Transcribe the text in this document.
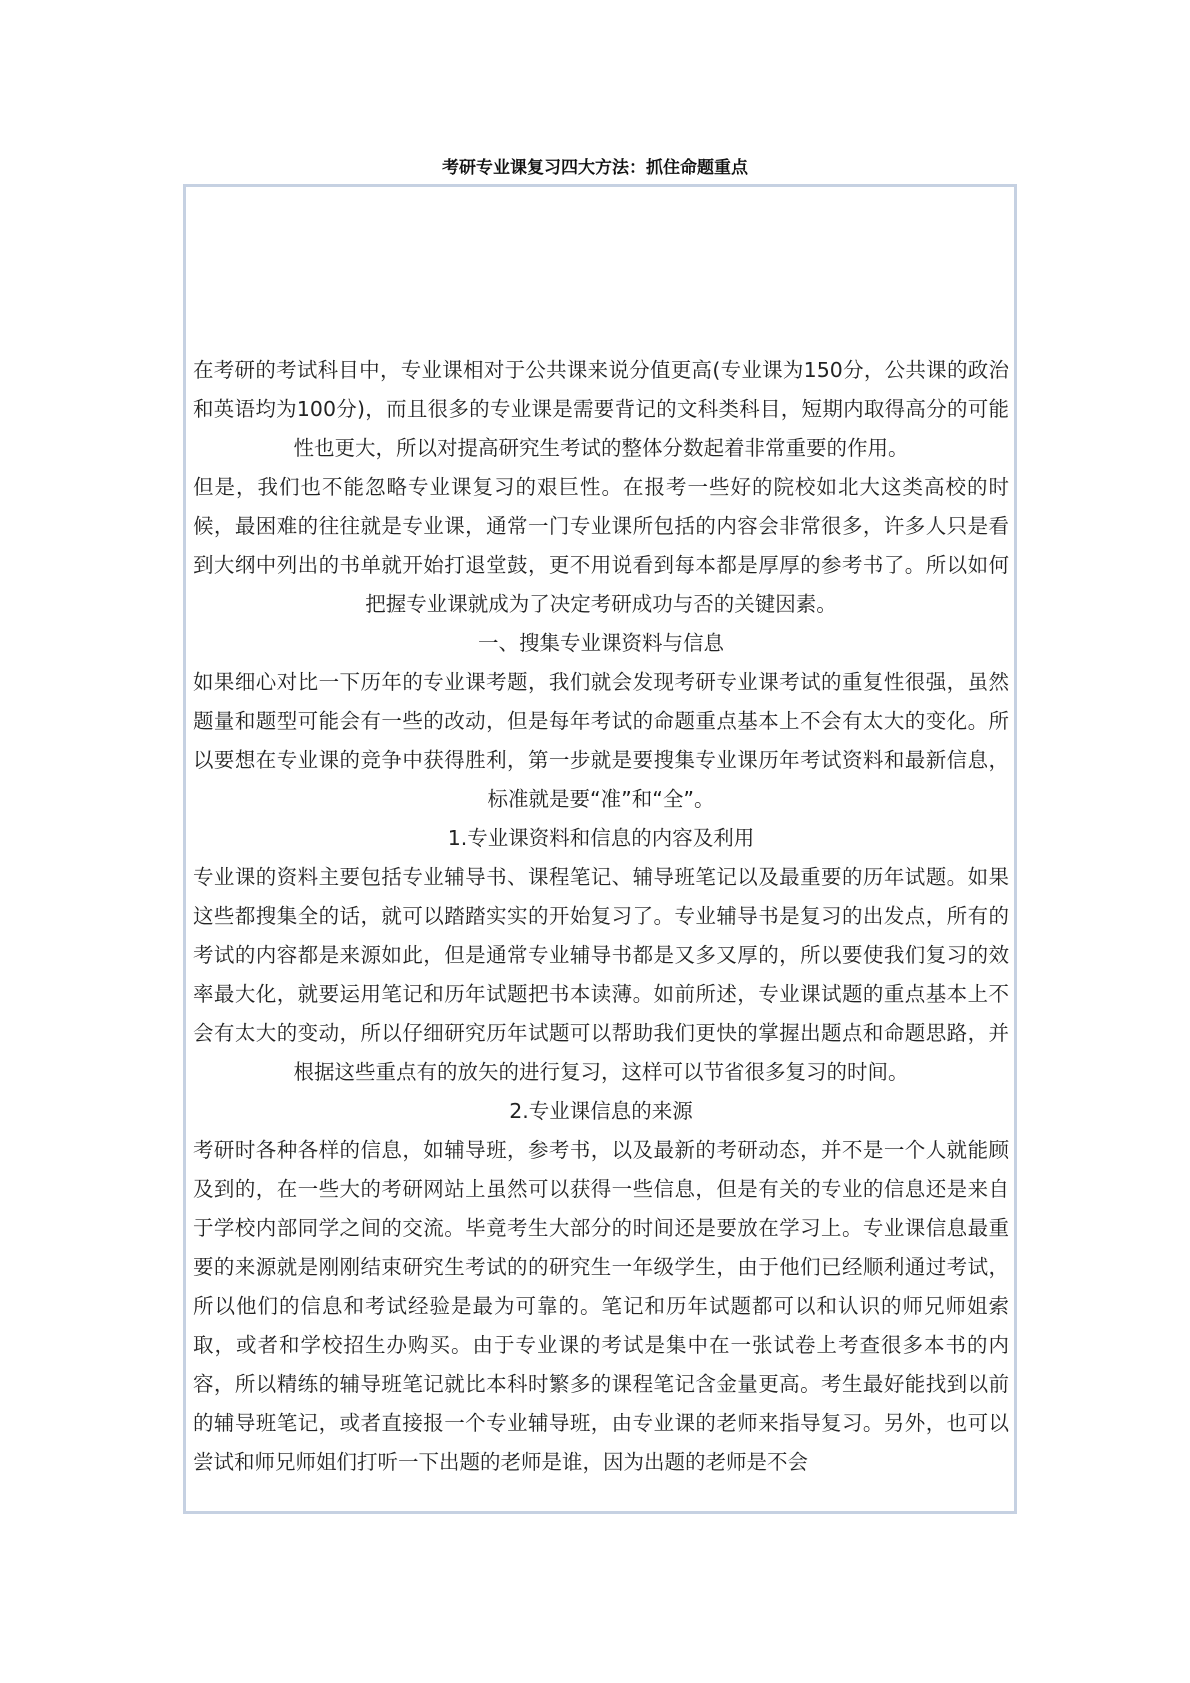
考研专业课复习四大方法：抓住命题重点

在考研的考试科目中，专业课相对于公共课来说分值更高(专业课为150分，公共课的政治和英语均为100分)，而且很多的专业课是需要背记的文科类科目，短期内取得高分的可能性也更大，所以对提高研究生考试的整体分数起着非常重要的作用。

但是，我们也不能忽略专业课复习的艰巨性。在报考一些好的院校如北大这类高校的时候，最困难的往往就是专业课，通常一门专业课所包括的内容会非常很多，许多人只是看到大纲中列出的书单就开始打退堂鼓，更不用说看到每本都是厚厚的参考书了。所以如何把握专业课就成为了决定考研成功与否的关键因素。

一、搜集专业课资料与信息

如果细心对比一下历年的专业课考题，我们就会发现考研专业课考试的重复性很强，虽然题量和题型可能会有一些的改动，但是每年考试的命题重点基本上不会有太大的变化。所以要想在专业课的竞争中获得胜利，第一步就是要搜集专业课历年考试资料和最新信息，标准就是要“准”和“全”。

1.专业课资料和信息的内容及利用

专业课的资料主要包括专业辅导书、课程笔记、辅导班笔记以及最重要的历年试题。如果这些都搜集全的话，就可以踏踏实实的开始复习了。专业辅导书是复习的出发点，所有的考试的内容都是来源如此，但是通常专业辅导书都是又多又厚的，所以要使我们复习的效率最大化，就要运用笔记和历年试题把书本读薄。如前所述，专业课试题的重点基本上不会有太大的变动，所以仔细研究历年试题可以帮助我们更快的掌握出题点和命题思路，并根据这些重点有的放矢的进行复习，这样可以节省很多复习的时间。

2.专业课信息的来源

考研时各种各样的信息，如辅导班，参考书，以及最新的考研动态，并不是一个人就能顾及到的，在一些大的考研网站上虽然可以获得一些信息，但是有关的专业的信息还是来自于学校内部同学之间的交流。毕竟考生大部分的时间还是要放在学习上。专业课信息最重要的来源就是刚刚结束研究生考试的的研究生一年级学生，由于他们已经顺利通过考试，所以他们的信息和考试经验是最为可靠的。笔记和历年试题都可以和认识的师兄师姐索取，或者和学校招生办购买。由于专业课的考试是集中在一张试卷上考查很多本书的内容，所以精练的辅导班笔记就比本科时繁多的课程笔记含金量更高。考生最好能找到以前的辅导班笔记，或者直接报一个专业辅导班，由专业课的老师来指导复习。另外，也可以尝试和师兄师姐们打听一下出题的老师是谁，因为出题的老师是不会
